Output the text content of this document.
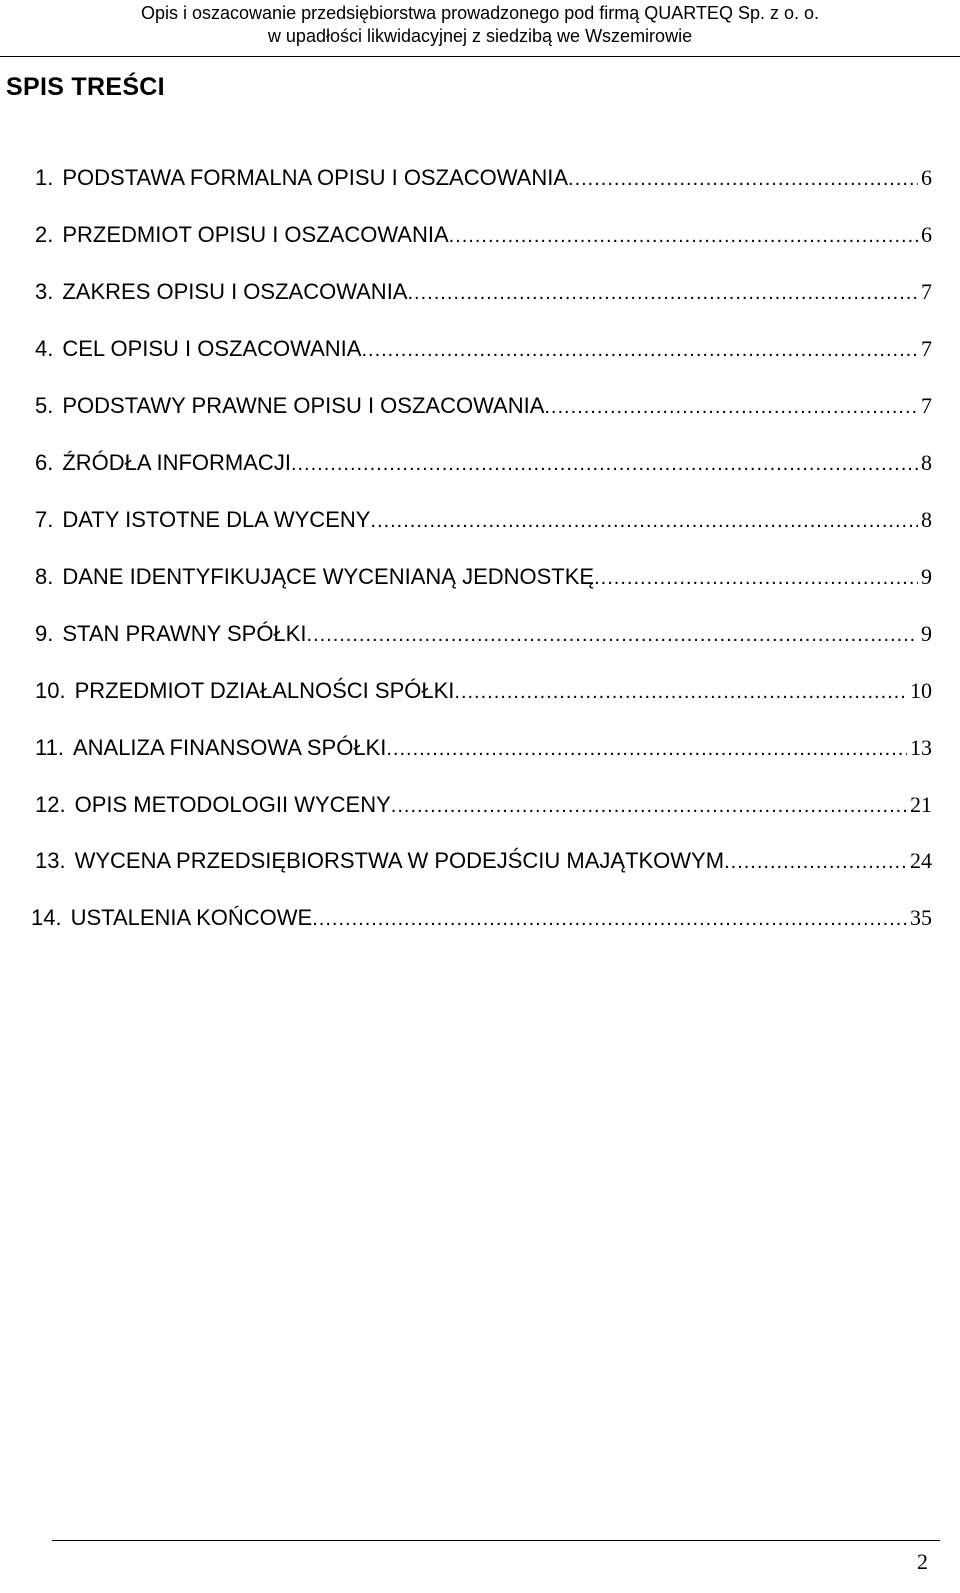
Opis i oszacowanie przedsiębiorstwa prowadzonego pod firmą QUARTEQ Sp. z o. o.
w upadłości likwidacyjnej z siedzibą we Wszemirowie
SPIS TREŚCI
1. PODSTAWA FORMALNA OPISU I OSZACOWANIA .....	6
2. PRZEDMIOT OPISU I OSZACOWANIA .....	6
3. ZAKRES OPISU I OSZACOWANIA .....	7
4. CEL OPISU I OSZACOWANIA .....	7
5. PODSTAWY PRAWNE OPISU I OSZACOWANIA .....	7
6. ŹRÓDŁA INFORMACJI .....	8
7. DATY ISTOTNE DLA WYCENY .....	8
8. DANE IDENTYFIKUJĄCE WYCENIANĄ JEDNOSTKĘ .....	9
9. STAN PRAWNY SPÓŁKI .....	9
10. PRZEDMIOT DZIAŁALNOŚCI SPÓŁKI .....	10
11. ANALIZA FINANSOWA SPÓŁKI .....	13
12. OPIS METODOLOGII WYCENY .....	21
13. WYCENA PRZEDSIĘBIORSTWA W PODEJŚCIU MAJĄTKOWYM .....	24
14. USTALENIA KOŃCOWE .....	35
2
